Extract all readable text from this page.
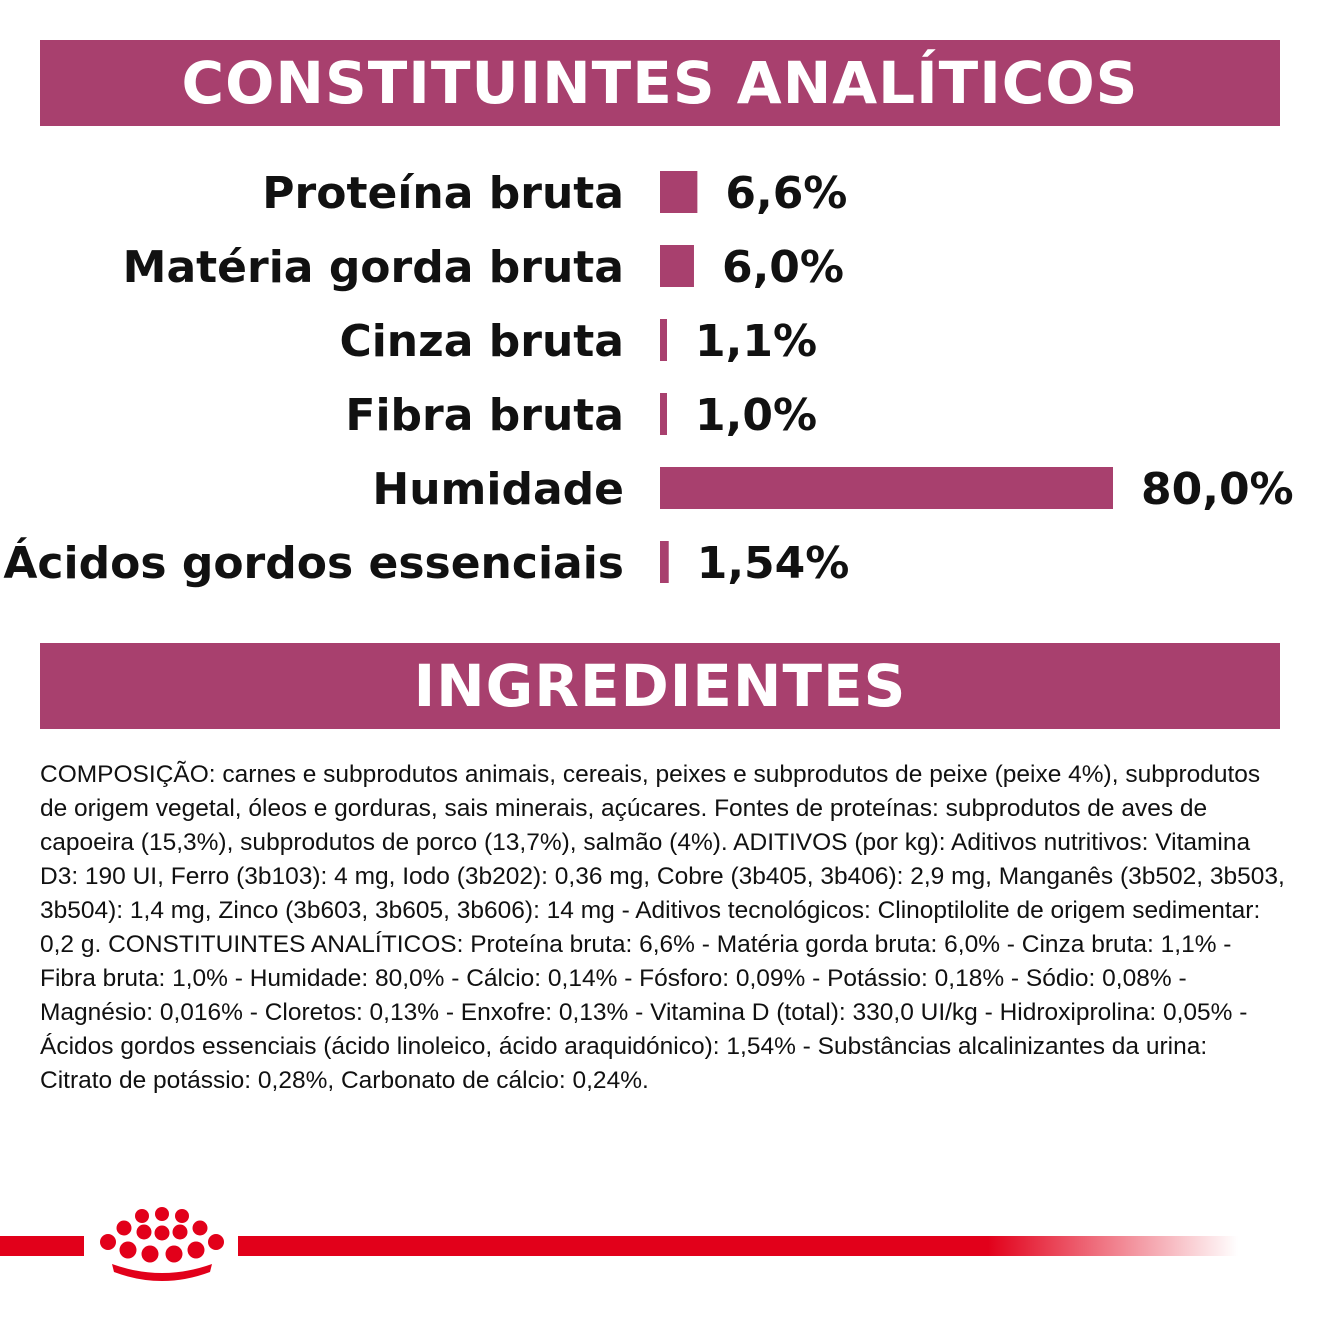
CONSTITUINTES ANALÍTICOS
Proteína bruta 6,6%
Matéria gorda bruta 6,0%
Cinza bruta 1,1%
Fibra bruta 1,0%
Humidade	80,0%
Ácidos gordos essenciais 1,54%
INGREDIENTES

COMPOSIÇÃO: carnes e subprodutos animais, cereais, peixes e subprodutos de peixe (peixe 4%), subprodutos de origem vegetal, óleos e gorduras, sais minerais, açúcares. Fontes de proteínas: subprodutos de aves de capoeira (15,3%), subprodutos de porco (13,7%), salmão (4%). ADITIVOS (por kg): Aditivos nutritivos: Vitamina D3: 190 UI, Ferro (3b103): 4 mg, Iodo (3b202): 0,36 mg, Cobre (3b405, 3b406): 2,9 mg, Manganês (3b502, 3b503, 3b504): 1,4 mg, Zinco (3b603, 3b605, 3b606): 14 mg - Aditivos tecnológicos: Clinoptilolite de origem sedimentar: 0,2 g. CONSTITUINTES ANALÍTICOS: Proteína bruta: 6,6% - Matéria gorda bruta: 6,0% - Cinza bruta: 1,1% - Fibra bruta: 1,0% - Humidade: 80,0% - Cálcio: 0,14% - Fósforo: 0,09% - Potássio: 0,18% - Sódio: 0,08% - Magnésio: 0,016% - Cloretos: 0,13% - Enxofre: 0,13% - Vitamina D (total): 330,0 UI/kg - Hidroxiprolina: 0,05% - Ácidos gordos essenciais (ácido linoleico, ácido araquidónico): 1,54% - Substâncias alcalinizantes da urina: Citrato de potássio: 0,28%, Carbonato de cálcio: 0,24%.
